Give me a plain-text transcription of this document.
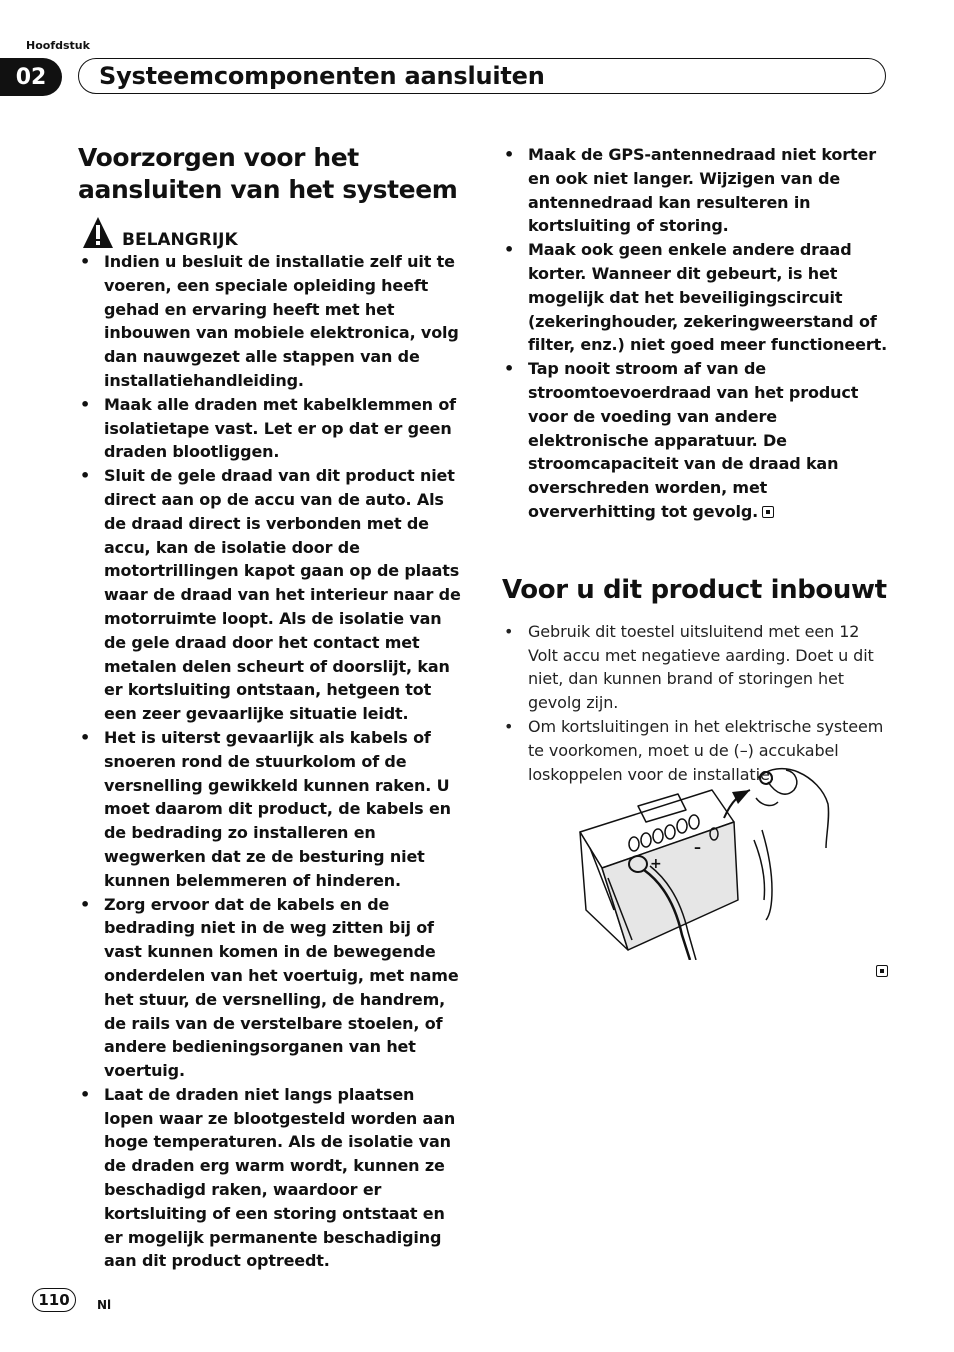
Hoofdstuk
02	Systeemcomponenten aansluiten
Voorzorgen voor het aansluiten van het systeem
BELANGRIJK
• Indien u besluit de installatie zelf uit te voeren, een speciale opleiding heeft gehad en ervaring heeft met het inbouwen van mobiele elektronica, volg dan nauwgezet alle stappen van de installatiehandleiding.
• Maak alle draden met kabelklemmen of isolatietape vast. Let er op dat er geen draden blootliggen.
• Sluit de gele draad van dit product niet direct aan op de accu van de auto. Als de draad direct is verbonden met de accu, kan de isolatie door de motortrillingen kapot gaan op de plaats waar de draad van het interieur naar de motorruimte loopt. Als de isolatie van de gele draad door het contact met metalen delen scheurt of doorslijt, kan er kortsluiting ontstaan, hetgeen tot een zeer gevaarlijke situatie leidt.
• Het is uiterst gevaarlijk als kabels of snoeren rond de stuurkolom of de versnelling gewikkeld kunnen raken. U moet daarom dit product, de kabels en de bedrading zo installeren en wegwerken dat ze de besturing niet kunnen belemmeren of hinderen.
• Zorg ervoor dat de kabels en de bedrading niet in de weg zitten bij of vast kunnen komen in de bewegende onderdelen van het voertuig, met name het stuur, de versnelling, de handrem, de rails van de verstelbare stoelen, of andere bedieningsorganen van het voertuig.
• Laat de draden niet langs plaatsen lopen waar ze blootgesteld worden aan hoge temperaturen. Als de isolatie van de draden erg warm wordt, kunnen ze beschadigd raken, waardoor er kortsluiting of een storing ontstaat en er mogelijk permanente beschadiging aan dit product optreedt.
• Maak de GPS-antennedraad niet korter en ook niet langer. Wijzigen van de antennedraad kan resulteren in kortsluiting of storing.
• Maak ook geen enkele andere draad korter. Wanneer dit gebeurt, is het mogelijk dat het beveiligingscircuit (zekeringhouder, zekeringweerstand of filter, enz.) niet goed meer functioneert.
• Tap nooit stroom af van de stroomtoevoerdraad van het product voor de voeding van andere elektronische apparatuur. De stroomcapaciteit van de draad kan overschreden worden, met oververhitting tot gevolg.
Voor u dit product inbouwt
• Gebruik dit toestel uitsluitend met een 12 Volt accu met negatieve aarding. Doet u dit niet, dan kunnen brand of storingen het gevolg zijn.
• Om kortsluitingen in het elektrische systeem te voorkomen, moet u de (–) accukabel loskoppelen voor de installatie.
+
–
110	Nl
